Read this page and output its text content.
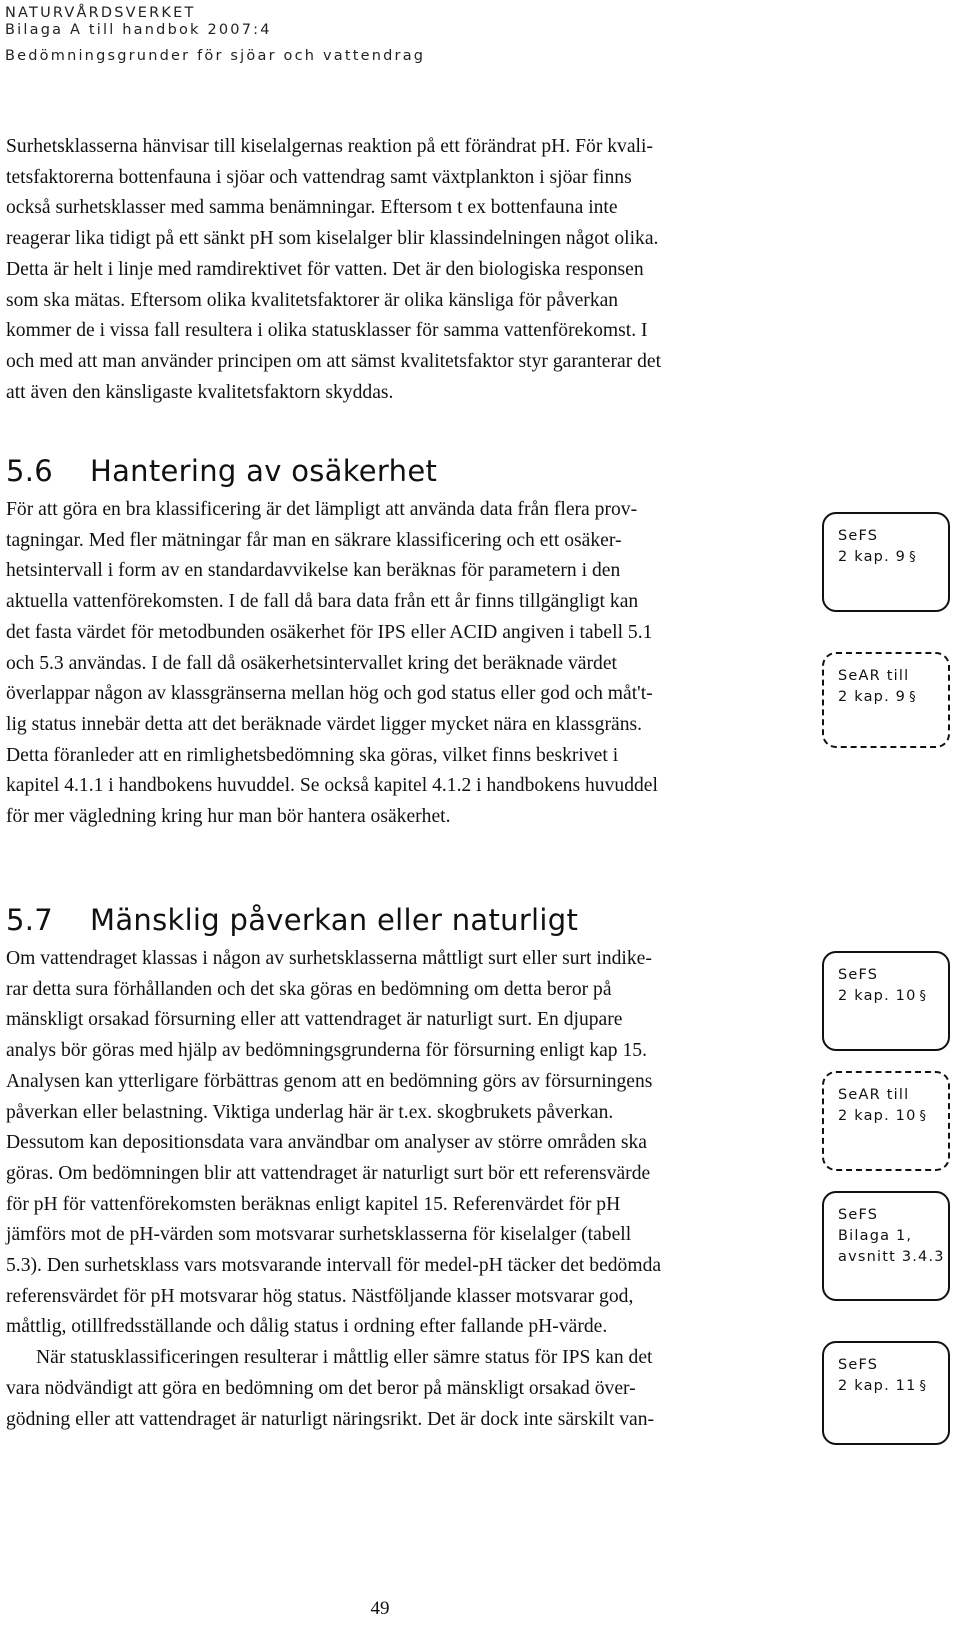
NATURVÅRDSVERKET
Bilaga A till handbok 2007:4
Bedömningsgrunder för sjöar och vattendrag

Surhetsklasserna hänvisar till kiselalgernas reaktion på ett förändrat pH. För kvali-
tetsfaktorerna bottenfauna i sjöar och vattendrag samt växtplankton i sjöar finns
också surhetsklasser med samma benämningar. Eftersom t ex bottenfauna inte
reagerar lika tidigt på ett sänkt pH som kiselalger blir klassindelningen något olika.
Detta är helt i linje med ramdirektivet för vatten. Det är den biologiska responsen
som ska mätas. Eftersom olika kvalitetsfaktorer är olika känsliga för påverkan
kommer de i vissa fall resultera i olika statusklasser för samma vattenförekomst. I
och med att man använder principen om att sämst kvalitetsfaktor styr garanterar det
att även den känsligaste kvalitetsfaktorn skyddas.

5.6 Hantering av osäkerhet

För att göra en bra klassificering är det lämpligt att använda data från flera prov-
tagningar. Med fler mätningar får man en säkrare klassificering och ett osäker-
hetsintervall i form av en standardavvikelse kan beräknas för parametern i den
aktuella vattenförekomsten. I de fall då bara data från ett år finns tillgängligt kan
det fasta värdet för metodbunden osäkerhet för IPS eller ACID angiven i tabell 5.1
och 5.3 användas. I de fall då osäkerhetsintervallet kring det beräknade värdet
överlappar någon av klassgränserna mellan hög och god status eller god och måt't-
lig status innebär detta att det beräknade värdet ligger mycket nära en klassgräns.
Detta föranleder att en rimlighetsbedömning ska göras, vilket finns beskrivet i
kapitel 4.1.1 i handbokens huvuddel. Se också kapitel 4.1.2 i handbokens huvuddel
för mer vägledning kring hur man bör hantera osäkerhet.

5.7 Mänsklig påverkan eller naturligt

Om vattendraget klassas i någon av surhetsklasserna måttligt surt eller surt indike-
rar detta sura förhållanden och det ska göras en bedömning om detta beror på
mänskligt orsakad försurning eller att vattendraget är naturligt surt. En djupare
analys bör göras med hjälp av bedömningsgrunderna för försurning enligt kap 15.
Analysen kan ytterligare förbättras genom att en bedömning görs av försurningens
påverkan eller belastning. Viktiga underlag här är t.ex. skogbrukets påverkan.
Dessutom kan depositionsdata vara användbar om analyser av större områden ska
göras. Om bedömningen blir att vattendraget är naturligt surt bör ett referensvärde
för pH för vattenförekomsten beräknas enligt kapitel 15. Referenvärdet för pH
jämförs mot de pH-värden som motsvarar surhetsklasserna för kiselalger (tabell
5.3). Den surhetsklass vars motsvarande intervall för medel-pH täcker det bedömda
referensvärdet för pH motsvarar hög status. Nästföljande klasser motsvarar god,
måttlig, otillfredsställande och dålig status i ordning efter fallande pH-värde.
När statusklassificeringen resulterar i måttlig eller sämre status för IPS kan det
vara nödvändigt att göra en bedömning om det beror på mänskligt orsakad över-
gödning eller att vattendraget är naturligt näringsrikt. Det är dock inte särskilt van-

SeFS
2 kap. 9 §
SeAR till
2 kap. 9 §
SeFS
2 kap. 10 §
SeAR till
2 kap. 10 §
SeFS
Bilaga 1,
avsnitt 3.4.3
SeFS
2 kap. 11 §
49
